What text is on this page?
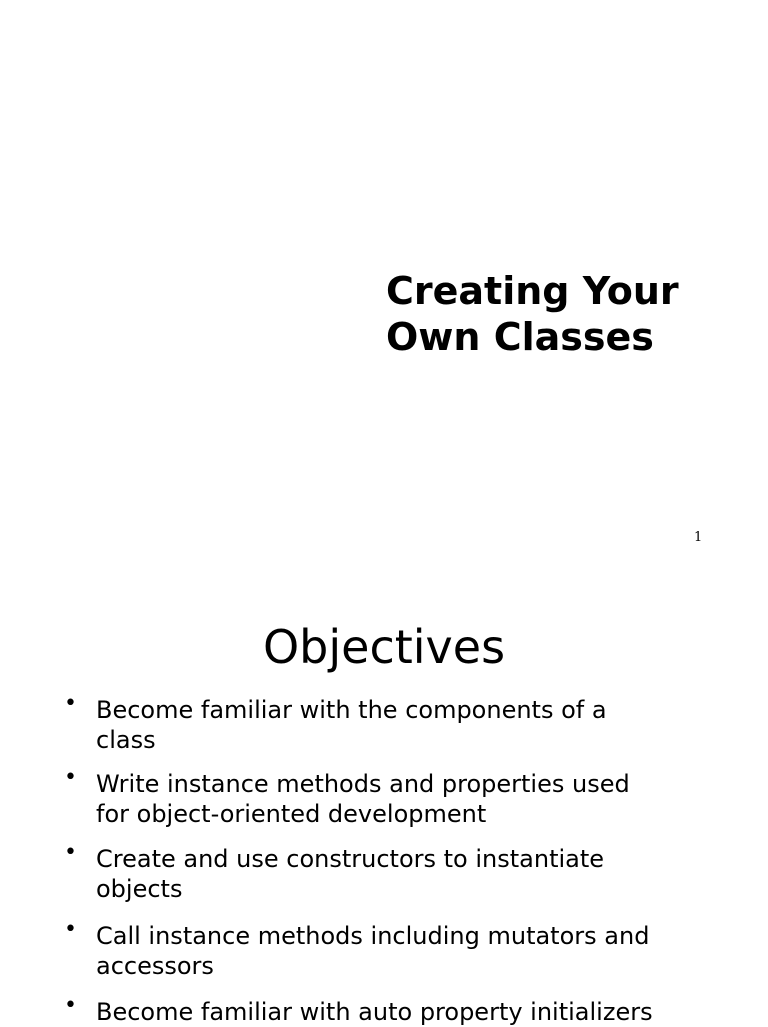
Creating Your
Own Classes
1
Objectives
• Become familiar with the components of a
class
• Write instance methods and properties used
for object-oriented development
• Create and use constructors to instantiate
objects
• Call instance methods including mutators and
accessors
• Become familiar with auto property initializers
